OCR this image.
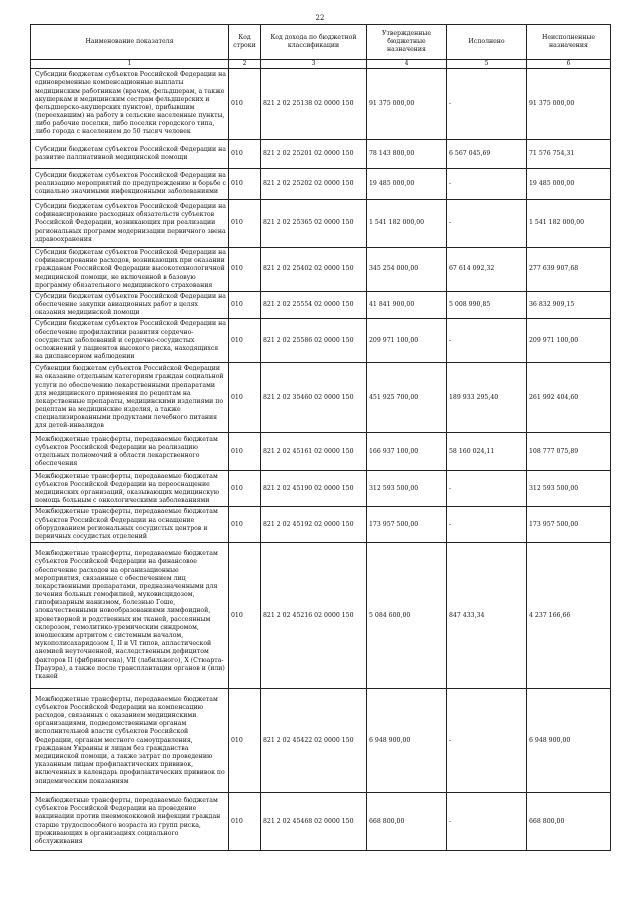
22
Наименование показателя	Код строки	Код дохода по бюджетной классификации	Утвержденные бюджетные назначения	Исполнено	Неисполненные назначения
1	2	3	4	5	6
Субсидии бюджетам субъектов Российской Федерации на единовременные компенсационные выплаты медицинским работникам (врачам, фельдшерам, а также акушеркам и медицинским сестрам фельдшерских и фельдшерско-акушерских пунктов), прибывшим (переехавшим) на работу в сельские населенные пункты, либо рабочие поселки, либо поселки городского типа, либо города с населением до 50 тысяч человек	010	821 2 02 25138 02 0000 150	91 375 000,00	-	91 375 000,00
Субсидии бюджетам субъектов Российской Федерации на развитие паллиативной медицинской помощи	010	821 2 02 25201 02 0000 150	78 143 800,00	6 567 045,69	71 576 754,31
Субсидии бюджетам субъектов Российской Федерации на реализацию мероприятий по предупреждению и борьбе с социально значимыми инфекционными заболеваниями	010	821 2 02 25202 02 0000 150	19 485 000,00	-	19 485 000,00
Субсидии бюджетам субъектов Российской Федерации на софинансирование расходных обязательств субъектов Российской Федерации, возникающих при реализации региональных программ модернизации первичного звена здравоохранения	010	821 2 02 25365 02 0000 150	1 541 182 000,00	-	1 541 182 000,00
Субсидии бюджетам субъектов Российской Федерации на софинансирование расходов, возникающих при оказании гражданам Российской Федерации высокотехнологичной медицинской помощи, не включенной в базовую программу обязательного медицинского страхования	010	821 2 02 25402 02 0000 150	345 254 000,00	67 614 092,32	277 639 907,68
Субсидии бюджетам субъектов Российской Федерации на обеспечение закупки авиационных работ в целях оказания медицинской помощи	010	821 2 02 25554 02 0000 150	41 841 900,00	5 008 990,85	36 832 909,15
Субсидии бюджетам субъектов Российской Федерации на обеспечение профилактики развития сердечно-сосудистых заболеваний и сердечно-сосудистых осложнений у пациентов высокого риска, находящихся на диспансерном наблюдении	010	821 2 02 25586 02 0000 150	209 971 100,00	-	209 971 100,00
Субвенции бюджетам субъектов Российской Федерации на оказание отдельным категориям граждан социальной услуги по обеспечению лекарственными препаратами для медицинского применения по рецептам на лекарственные препараты, медицинскими изделиями по рецептам на медицинские изделия, а также специализированными продуктами лечебного питания для детей-инвалидов	010	821 2 02 35460 02 0000 150	451 925 700,00	189 933 295,40	261 992 404,60
Межбюджетные трансферты, передаваемые бюджетам субъектов Российской Федерации на реализацию отдельных полномочий в области лекарственного обеспечения	010	821 2 02 45161 02 0000 150	166 937 100,00	58 160 024,11	108 777 075,89
Межбюджетные трансферты, передаваемые бюджетам субъектов Российской Федерации на переоснащение медицинских организаций, оказывающих медицинскую помощь больным с онкологическими заболеваниями	010	821 2 02 45190 02 0000 150	312 593 500,00	-	312 593 500,00
Межбюджетные трансферты, передаваемые бюджетам субъектов Российской Федерации на оснащение оборудованием региональных сосудистых центров и первичных сосудистых отделений	010	821 2 02 45192 02 0000 150	173 957 500,00	-	173 957 500,00
Межбюджетные трансферты, передаваемые бюджетам субъектов Российской Федерации на финансовое обеспечение расходов на организационные мероприятия, связанные с обеспечением лиц лекарственными препаратами, предназначенными для лечения больных гемофилией, муковисцидозом, гипофизарным нанизмом, болезнью Гоше, злокачественными новообразованиями лимфоидной, кроветворной и родственных им тканей, рассеянным склерозом, гемолитико-уремическим синдромом, юношеским артритом с системным началом, мукополисахаридозом I, II и VI типов, апластической анемией неуточненной, наследственным дефицитом факторов II (фибриногена), VII (лабильного), X (Стюарта-Прауэра), а также после трансплантации органов и (или) тканей	010	821 2 02 45216 02 0000 150	5 084 600,00	847 433,34	4 237 166,66
Межбюджетные трансферты, передаваемые бюджетам субъектов Российской Федерации на компенсацию расходов, связанных с оказанием медицинскими организациями, подведомственными органам исполнительной власти субъектов Российской Федерации, органам местного самоуправления, гражданам Украины и лицам без гражданства медицинской помощи, а также затрат по проведению указанным лицам профилактических прививок, включенных в календарь профилактических прививок по эпидемическим показаниям	010	821 2 02 45422 02 0000 150	6 948 900,00	-	6 948 900,00
Межбюджетные трансферты, передаваемые бюджетам субъектов Российской Федерации на проведение вакцинации против пневмококковой инфекции граждан старше трудоспособного возраста из групп риска, проживающих в организациях социального обслуживания	010	821 2 02 45468 02 0000 150	668 800,00	-	668 800,00
